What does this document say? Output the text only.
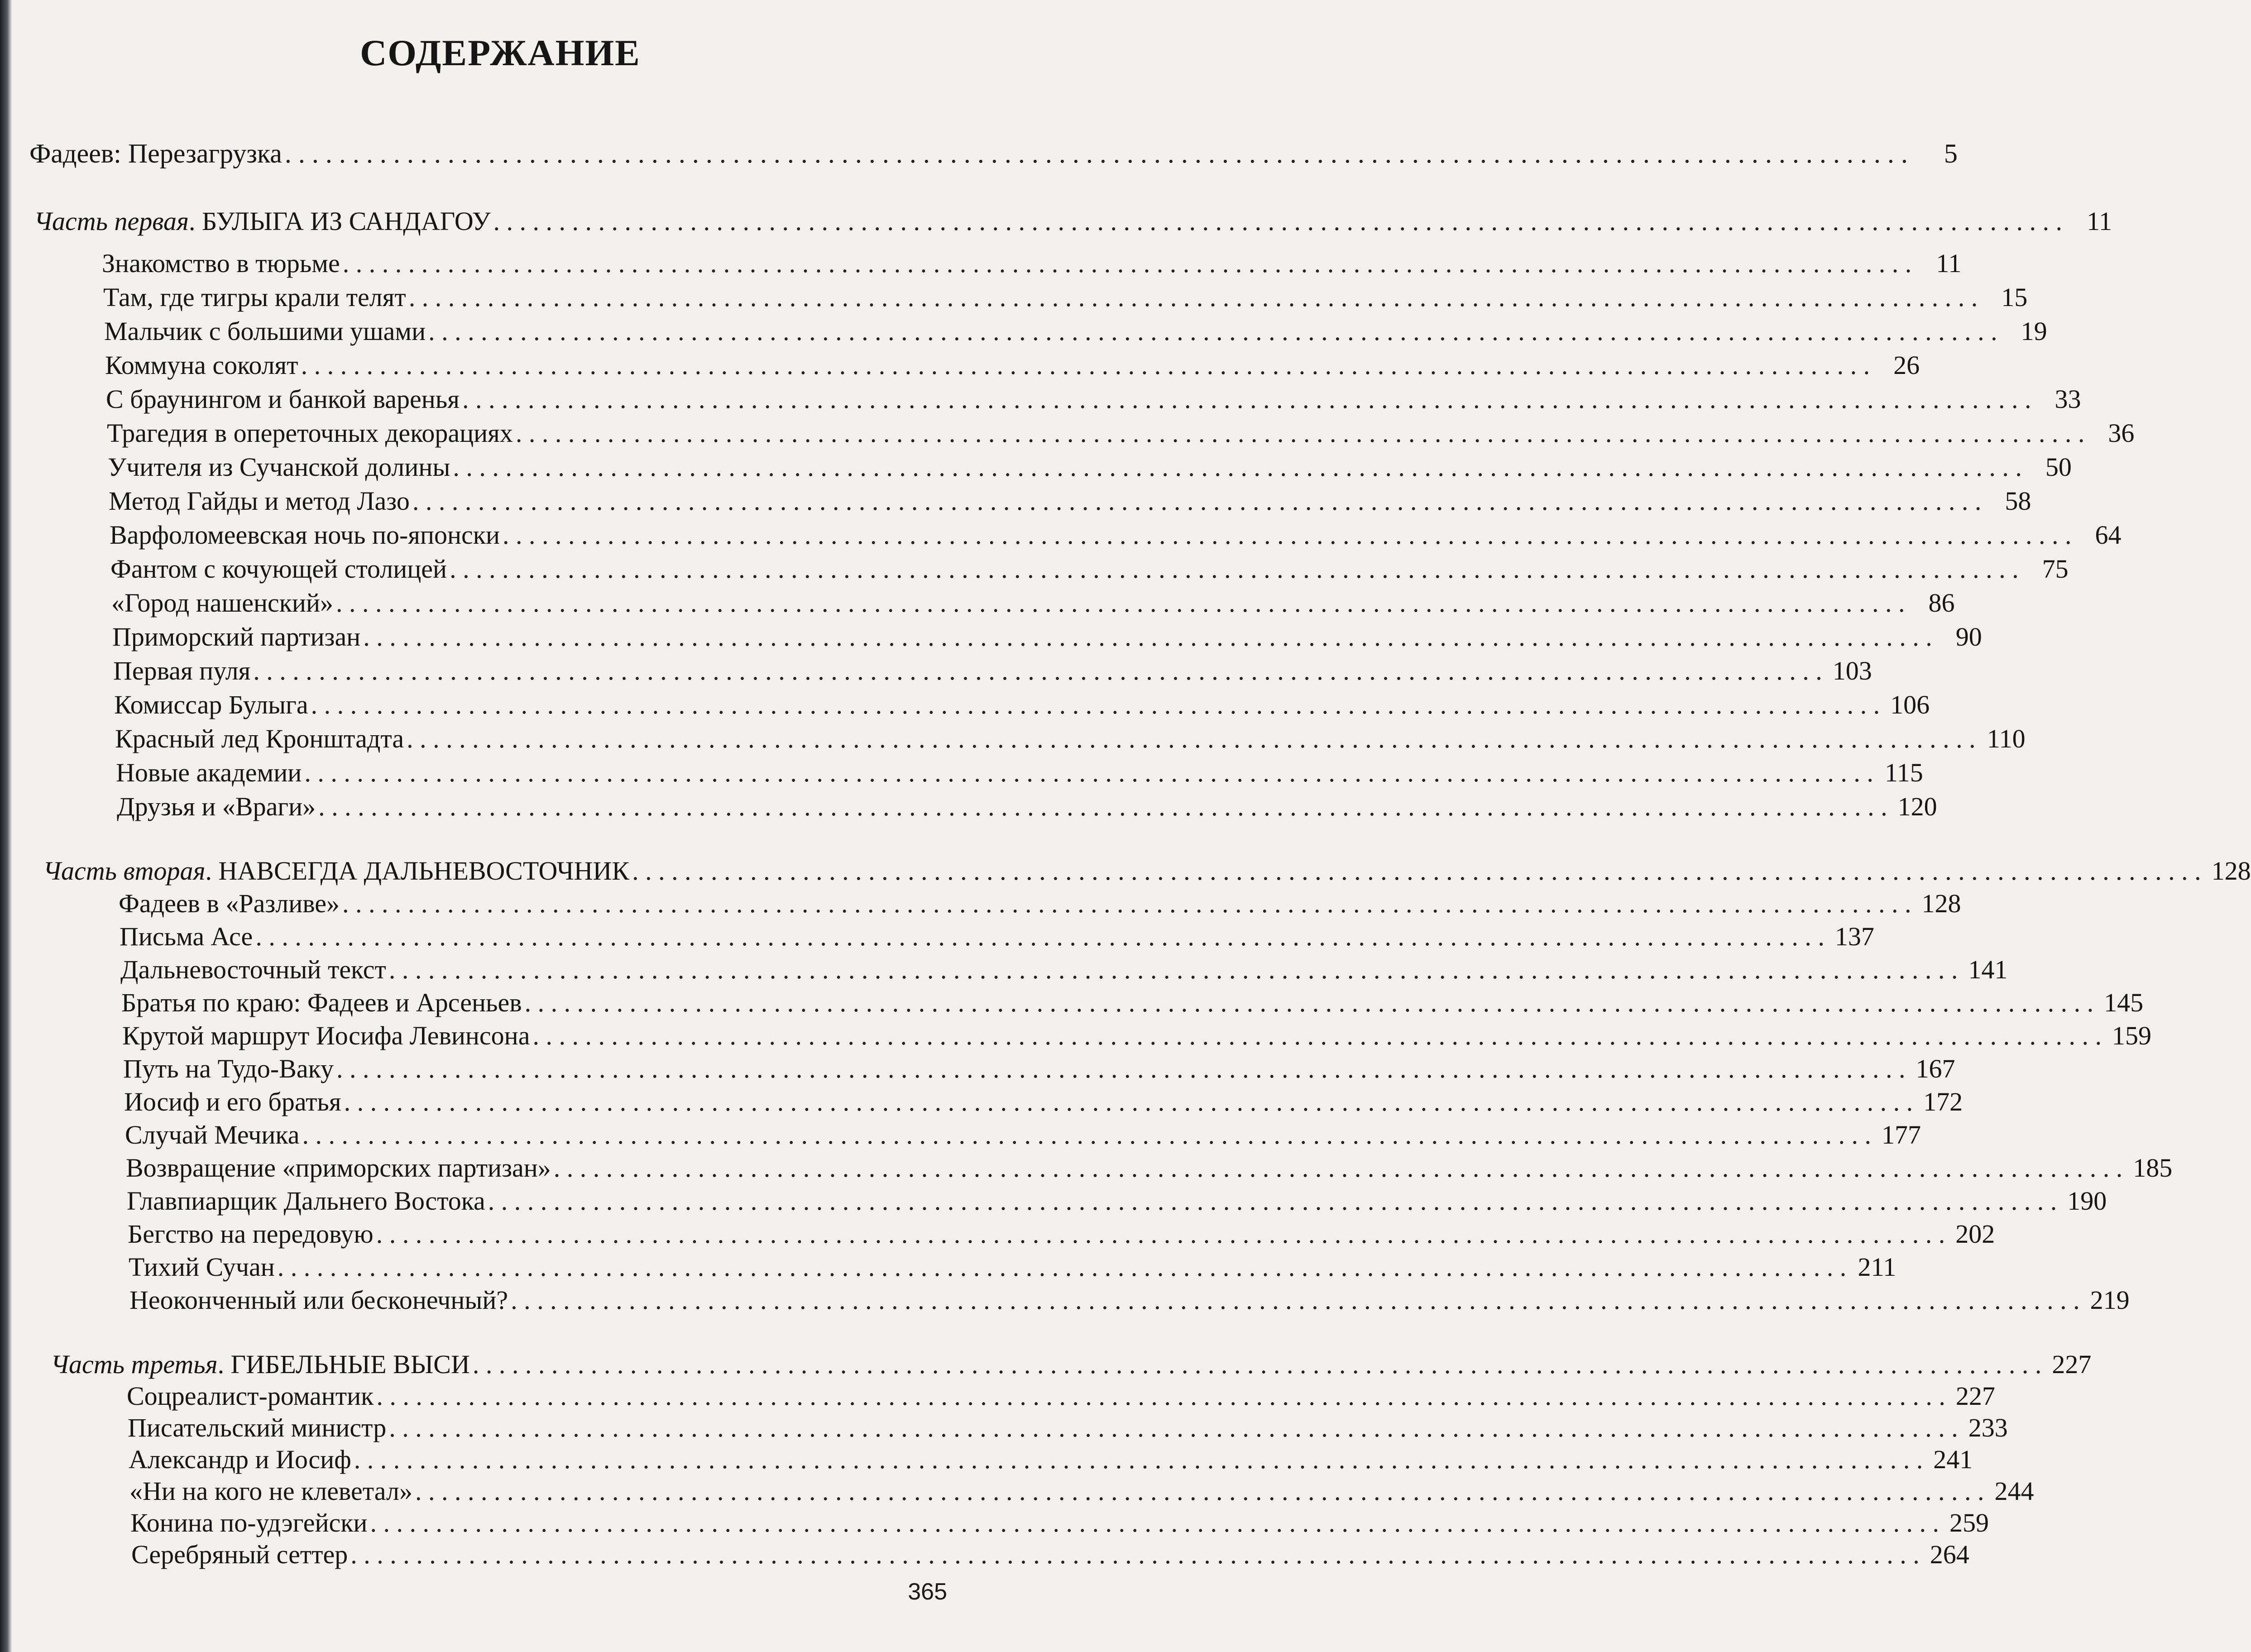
СОДЕРЖАНИЕ
Фадеев: Перезагрузка . . . . . . . . . . . . . . . . . . . . . . . . . . . . . . . . . . . . . . . . . . . . . . . . . . . . . . . . . . . . . . . . . . . . . . . . . . . . . . . . . . . . . . . . . . . . . . . . . . . . . . . . . . . . . . . . . . . . . . . .	5
Часть первая. БУЛЫГА ИЗ САНДАГОУ . . . . . . . . . . . . . . . . . . . . . . . . . . . . . . . . . . . . . . . . . . . . . . . . . . . . . . . . . . . . . . . . . . . . . . . . . . . . . . . . . . . . . . . . . . . . . . . . . . . . . . . . . . . . . . . . . . . . . . . . 11
Знакомство в тюрьме . . . . . . . . . . . . . . . . . . . . . . . . . . . . . . . . . . . . . . . . . . . . . . . . . . . . . . . . . . . . . . . . . . . . . . . . . . . . . . . . . . . . . . . . . . . . . . . . . . . . . . . . . . . . . . . . . . . . . . . . 11
Там, где тигры крали телят . . . . . . . . . . . . . . . . . . . . . . . . . . . . . . . . . . . . . . . . . . . . . . . . . . . . . . . . . . . . . . . . . . . . . . . . . . . . . . . . . . . . . . . . . . . . . . . . . . . . . . . . . . . . . . . . . . . . . . . . 15
Мальчик с большими ушами . . . . . . . . . . . . . . . . . . . . . . . . . . . . . . . . . . . . . . . . . . . . . . . . . . . . . . . . . . . . . . . . . . . . . . . . . . . . . . . . . . . . . . . . . . . . . . . . . . . . . . . . . . . . . . . . . . . . . . . . 19
Коммуна соколят . . . . . . . . . . . . . . . . . . . . . . . . . . . . . . . . . . . . . . . . . . . . . . . . . . . . . . . . . . . . . . . . . . . . . . . . . . . . . . . . . . . . . . . . . . . . . . . . . . . . . . . . . . . . . . . . . . . . . . . . 26
С браунингом и банкой варенья . . . . . . . . . . . . . . . . . . . . . . . . . . . . . . . . . . . . . . . . . . . . . . . . . . . . . . . . . . . . . . . . . . . . . . . . . . . . . . . . . . . . . . . . . . . . . . . . . . . . . . . . . . . . . . . . . . . . . . . . 33
Трагедия в опереточных декорациях . . . . . . . . . . . . . . . . . . . . . . . . . . . . . . . . . . . . . . . . . . . . . . . . . . . . . . . . . . . . . . . . . . . . . . . . . . . . . . . . . . . . . . . . . . . . . . . . . . . . . . . . . . . . . . . . . . . . . . . . 36
Учителя из Сучанской долины . . . . . . . . . . . . . . . . . . . . . . . . . . . . . . . . . . . . . . . . . . . . . . . . . . . . . . . . . . . . . . . . . . . . . . . . . . . . . . . . . . . . . . . . . . . . . . . . . . . . . . . . . . . . . . . . . . . . . . . . 50
Метод Гайды и метод Лазо . . . . . . . . . . . . . . . . . . . . . . . . . . . . . . . . . . . . . . . . . . . . . . . . . . . . . . . . . . . . . . . . . . . . . . . . . . . . . . . . . . . . . . . . . . . . . . . . . . . . . . . . . . . . . . . . . . . . . . . . 58
Варфоломеевская ночь по-японски . . . . . . . . . . . . . . . . . . . . . . . . . . . . . . . . . . . . . . . . . . . . . . . . . . . . . . . . . . . . . . . . . . . . . . . . . . . . . . . . . . . . . . . . . . . . . . . . . . . . . . . . . . . . . . . . . . . . . . . . 64
Фантом с кочующей столицей . . . . . . . . . . . . . . . . . . . . . . . . . . . . . . . . . . . . . . . . . . . . . . . . . . . . . . . . . . . . . . . . . . . . . . . . . . . . . . . . . . . . . . . . . . . . . . . . . . . . . . . . . . . . . . . . . . . . . . . . 75
«Город нашенский» . . . . . . . . . . . . . . . . . . . . . . . . . . . . . . . . . . . . . . . . . . . . . . . . . . . . . . . . . . . . . . . . . . . . . . . . . . . . . . . . . . . . . . . . . . . . . . . . . . . . . . . . . . . . . . . . . . . . . . . . 86
Приморский партизан . . . . . . . . . . . . . . . . . . . . . . . . . . . . . . . . . . . . . . . . . . . . . . . . . . . . . . . . . . . . . . . . . . . . . . . . . . . . . . . . . . . . . . . . . . . . . . . . . . . . . . . . . . . . . . . . . . . . . . . . 90
Первая пуля . . . . . . . . . . . . . . . . . . . . . . . . . . . . . . . . . . . . . . . . . . . . . . . . . . . . . . . . . . . . . . . . . . . . . . . . . . . . . . . . . . . . . . . . . . . . . . . . . . . . . . . . . . . . . . . . . . . . . . . . 103
Комиссар Булыга . . . . . . . . . . . . . . . . . . . . . . . . . . . . . . . . . . . . . . . . . . . . . . . . . . . . . . . . . . . . . . . . . . . . . . . . . . . . . . . . . . . . . . . . . . . . . . . . . . . . . . . . . . . . . . . . . . . . . . . . 106
Красный лед Кронштадта . . . . . . . . . . . . . . . . . . . . . . . . . . . . . . . . . . . . . . . . . . . . . . . . . . . . . . . . . . . . . . . . . . . . . . . . . . . . . . . . . . . . . . . . . . . . . . . . . . . . . . . . . . . . . . . . . . . . . . . . 110
Новые академии . . . . . . . . . . . . . . . . . . . . . . . . . . . . . . . . . . . . . . . . . . . . . . . . . . . . . . . . . . . . . . . . . . . . . . . . . . . . . . . . . . . . . . . . . . . . . . . . . . . . . . . . . . . . . . . . . . . . . . . . 115
Друзья и «Враги» . . . . . . . . . . . . . . . . . . . . . . . . . . . . . . . . . . . . . . . . . . . . . . . . . . . . . . . . . . . . . . . . . . . . . . . . . . . . . . . . . . . . . . . . . . . . . . . . . . . . . . . . . . . . . . . . . . . . . . . . 120
Часть вторая. НАВСЕГДА ДАЛЬНЕВОСТОЧНИК . . . . . . . . . . . . . . . . . . . . . . . . . . . . . . . . . . . . . . . . . . . . . . . . . . . . . . . . . . . . . . . . . . . . . . . . . . . . . . . . . . . . . . . . . . . . . . . . . . . . . . . . . . . . . . . . . . . . . . . . 128
Фадеев в «Разливе» . . . . . . . . . . . . . . . . . . . . . . . . . . . . . . . . . . . . . . . . . . . . . . . . . . . . . . . . . . . . . . . . . . . . . . . . . . . . . . . . . . . . . . . . . . . . . . . . . . . . . . . . . . . . . . . . . . . . . . . . 128
Письма Асе . . . . . . . . . . . . . . . . . . . . . . . . . . . . . . . . . . . . . . . . . . . . . . . . . . . . . . . . . . . . . . . . . . . . . . . . . . . . . . . . . . . . . . . . . . . . . . . . . . . . . . . . . . . . . . . . . . . . . . . . 137
Дальневосточный текст . . . . . . . . . . . . . . . . . . . . . . . . . . . . . . . . . . . . . . . . . . . . . . . . . . . . . . . . . . . . . . . . . . . . . . . . . . . . . . . . . . . . . . . . . . . . . . . . . . . . . . . . . . . . . . . . . . . . . . . . 141
Братья по краю: Фадеев и Арсеньев . . . . . . . . . . . . . . . . . . . . . . . . . . . . . . . . . . . . . . . . . . . . . . . . . . . . . . . . . . . . . . . . . . . . . . . . . . . . . . . . . . . . . . . . . . . . . . . . . . . . . . . . . . . . . . . . . . . . . . . . 145
Крутой маршрут Иосифа Левинсона . . . . . . . . . . . . . . . . . . . . . . . . . . . . . . . . . . . . . . . . . . . . . . . . . . . . . . . . . . . . . . . . . . . . . . . . . . . . . . . . . . . . . . . . . . . . . . . . . . . . . . . . . . . . . . . . . . . . . . . . 159
Путь на Тудо-Ваку . . . . . . . . . . . . . . . . . . . . . . . . . . . . . . . . . . . . . . . . . . . . . . . . . . . . . . . . . . . . . . . . . . . . . . . . . . . . . . . . . . . . . . . . . . . . . . . . . . . . . . . . . . . . . . . . . . . . . . . . 167
Иосиф и его братья . . . . . . . . . . . . . . . . . . . . . . . . . . . . . . . . . . . . . . . . . . . . . . . . . . . . . . . . . . . . . . . . . . . . . . . . . . . . . . . . . . . . . . . . . . . . . . . . . . . . . . . . . . . . . . . . . . . . . . . . 172
Случай Мечика . . . . . . . . . . . . . . . . . . . . . . . . . . . . . . . . . . . . . . . . . . . . . . . . . . . . . . . . . . . . . . . . . . . . . . . . . . . . . . . . . . . . . . . . . . . . . . . . . . . . . . . . . . . . . . . . . . . . . . . . 177
Возвращение «приморских партизан» . . . . . . . . . . . . . . . . . . . . . . . . . . . . . . . . . . . . . . . . . . . . . . . . . . . . . . . . . . . . . . . . . . . . . . . . . . . . . . . . . . . . . . . . . . . . . . . . . . . . . . . . . . . . . . . . . . . . . . . . 185
Главпиарщик Дальнего Востока . . . . . . . . . . . . . . . . . . . . . . . . . . . . . . . . . . . . . . . . . . . . . . . . . . . . . . . . . . . . . . . . . . . . . . . . . . . . . . . . . . . . . . . . . . . . . . . . . . . . . . . . . . . . . . . . . . . . . . . . 190
Бегство на передовую . . . . . . . . . . . . . . . . . . . . . . . . . . . . . . . . . . . . . . . . . . . . . . . . . . . . . . . . . . . . . . . . . . . . . . . . . . . . . . . . . . . . . . . . . . . . . . . . . . . . . . . . . . . . . . . . . . . . . . . . 202
Тихий Сучан . . . . . . . . . . . . . . . . . . . . . . . . . . . . . . . . . . . . . . . . . . . . . . . . . . . . . . . . . . . . . . . . . . . . . . . . . . . . . . . . . . . . . . . . . . . . . . . . . . . . . . . . . . . . . . . . . . . . . . . . 211
Неоконченный или бесконечный? . . . . . . . . . . . . . . . . . . . . . . . . . . . . . . . . . . . . . . . . . . . . . . . . . . . . . . . . . . . . . . . . . . . . . . . . . . . . . . . . . . . . . . . . . . . . . . . . . . . . . . . . . . . . . . . . . . . . . . . . 219
Часть третья. ГИБЕЛЬНЫЕ ВЫСИ . . . . . . . . . . . . . . . . . . . . . . . . . . . . . . . . . . . . . . . . . . . . . . . . . . . . . . . . . . . . . . . . . . . . . . . . . . . . . . . . . . . . . . . . . . . . . . . . . . . . . . . . . . . . . . . . . . . . . . . . 227
Соцреалист-романтик . . . . . . . . . . . . . . . . . . . . . . . . . . . . . . . . . . . . . . . . . . . . . . . . . . . . . . . . . . . . . . . . . . . . . . . . . . . . . . . . . . . . . . . . . . . . . . . . . . . . . . . . . . . . . . . . . . . . . . . . 227
Писательский министр . . . . . . . . . . . . . . . . . . . . . . . . . . . . . . . . . . . . . . . . . . . . . . . . . . . . . . . . . . . . . . . . . . . . . . . . . . . . . . . . . . . . . . . . . . . . . . . . . . . . . . . . . . . . . . . . . . . . . . . . 233
Александр и Иосиф . . . . . . . . . . . . . . . . . . . . . . . . . . . . . . . . . . . . . . . . . . . . . . . . . . . . . . . . . . . . . . . . . . . . . . . . . . . . . . . . . . . . . . . . . . . . . . . . . . . . . . . . . . . . . . . . . . . . . . . . 241
«Ни на кого не клеветал» . . . . . . . . . . . . . . . . . . . . . . . . . . . . . . . . . . . . . . . . . . . . . . . . . . . . . . . . . . . . . . . . . . . . . . . . . . . . . . . . . . . . . . . . . . . . . . . . . . . . . . . . . . . . . . . . . . . . . . . . 244
Конина по-удэгейски . . . . . . . . . . . . . . . . . . . . . . . . . . . . . . . . . . . . . . . . . . . . . . . . . . . . . . . . . . . . . . . . . . . . . . . . . . . . . . . . . . . . . . . . . . . . . . . . . . . . . . . . . . . . . . . . . . . . . . . . 259
Серебряный сеттер . . . . . . . . . . . . . . . . . . . . . . . . . . . . . . . . . . . . . . . . . . . . . . . . . . . . . . . . . . . . . . . . . . . . . . . . . . . . . . . . . . . . . . . . . . . . . . . . . . . . . . . . . . . . . . . . . . . . . . . . 264
365
